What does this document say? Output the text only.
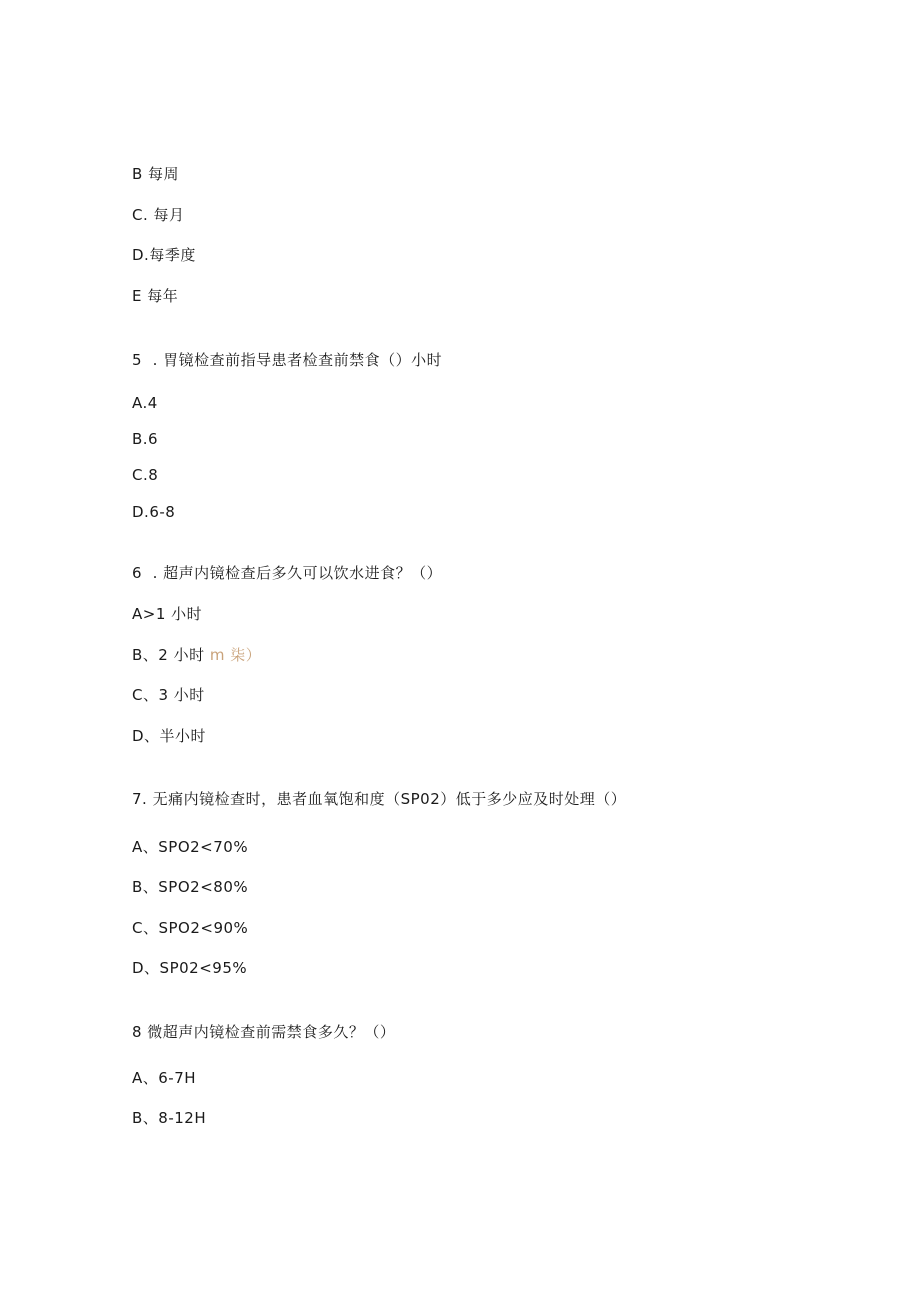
B 每周
C. 每月
D.每季度
E 每年
5  . 胃镜检查前指导患者检查前禁食（）小时
A.4
B.6
C.8
D.6-8
6  . 超声内镜检查后多久可以饮水进食？（）
A>1 小时
B、2 小时 m 柒）
C、3 小时
D、半小时
7. 无痛内镜检查时，患者血氧饱和度（SP02）低于多少应及时处理（）
A、SPO2<70%
B、SPO2<80%
C、SPO2<90%
D、SP02<95%
8 微超声内镜检查前需禁食多久？（）
A、6-7H
B、8-12H
